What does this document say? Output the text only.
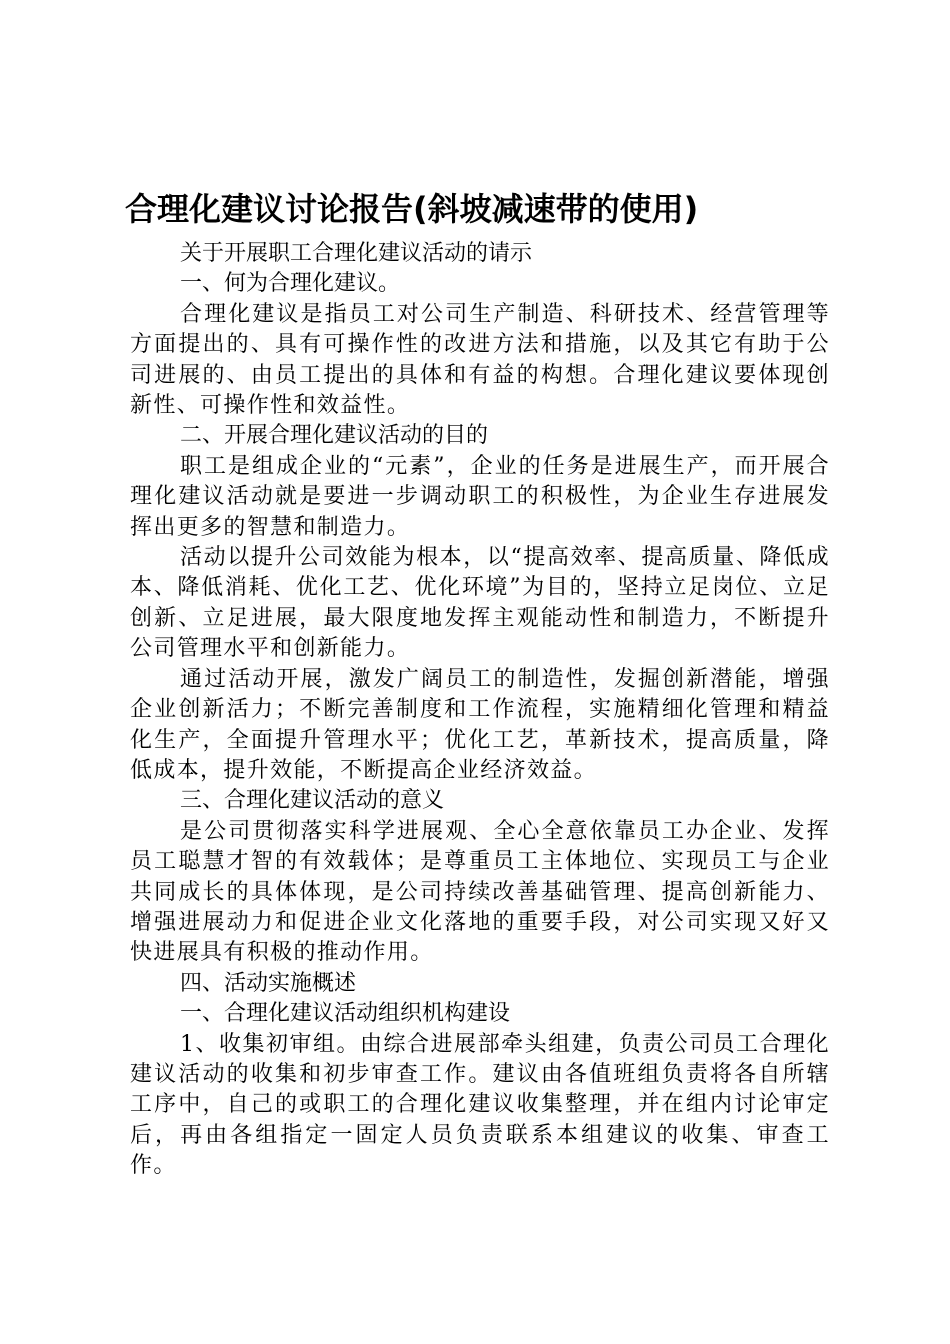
合理化建议讨论报告(斜坡减速带的使用)

关于开展职工合理化建议活动的请示

一、何为合理化建议。

合理化建议是指员工对公司生产制造、科研技术、经营管理等方面提出的、具有可操作性的改进方法和措施，以及其它有助于公司进展的、由员工提出的具体和有益的构想。合理化建议要体现创新性、可操作性和效益性。

二、开展合理化建议活动的目的

职工是组成企业的“元素”，企业的任务是进展生产，而开展合理化建议活动就是要进一步调动职工的积极性，为企业生存进展发挥出更多的智慧和制造力。

活动以提升公司效能为根本，以“提高效率、提高质量、降低成本、降低消耗、优化工艺、优化环境”为目的，坚持立足岗位、立足创新、立足进展，最大限度地发挥主观能动性和制造力，不断提升公司管理水平和创新能力。

通过活动开展，激发广阔员工的制造性，发掘创新潜能，增强企业创新活力；不断完善制度和工作流程，实施精细化管理和精益化生产，全面提升管理水平；优化工艺，革新技术，提高质量，降低成本，提升效能，不断提高企业经济效益。

三、合理化建议活动的意义

是公司贯彻落实科学进展观、全心全意依靠员工办企业、发挥员工聪慧才智的有效载体；是尊重员工主体地位、实现员工与企业共同成长的具体体现，是公司持续改善基础管理、提高创新能力、增强进展动力和促进企业文化落地的重要手段，对公司实现又好又快进展具有积极的推动作用。

四、活动实施概述

一、合理化建议活动组织机构建设

1、收集初审组。由综合进展部牵头组建，负责公司员工合理化建议活动的收集和初步审查工作。建议由各值班组负责将各自所辖工序中，自己的或职工的合理化建议收集整理，并在组内讨论审定后，再由各组指定一固定人员负责联系本组建议的收集、审查工作。
